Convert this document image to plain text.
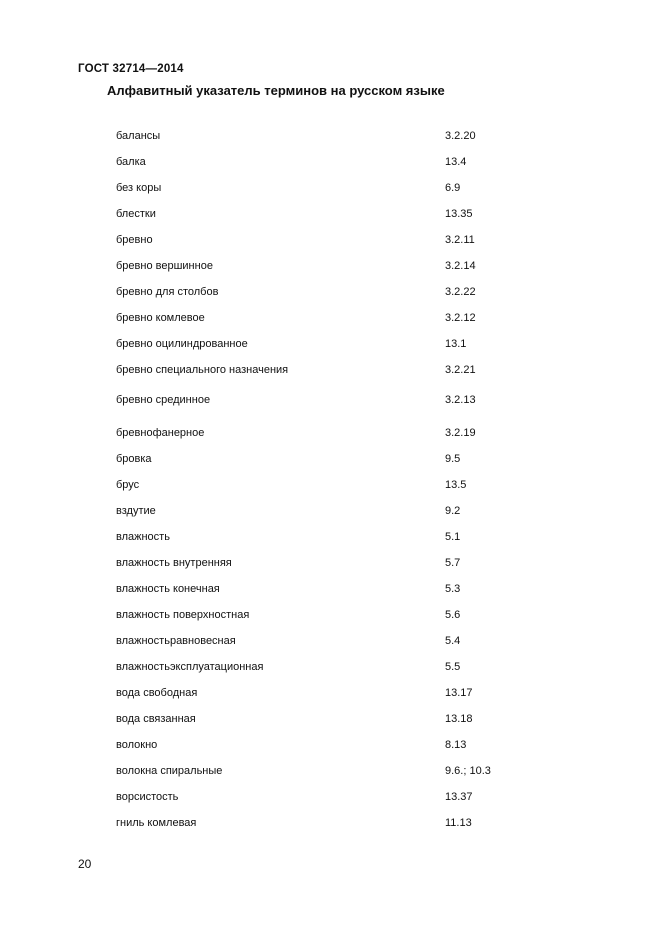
ГОСТ 32714—2014
Алфавитный указатель терминов на русском языке
балансы	3.2.20
балка	13.4
без коры	6.9
блестки	13.35
бревно	3.2.11
бревно вершинное	3.2.14
бревно для столбов	3.2.22
бревно комлевое	3.2.12
бревно оцилиндрованное	13.1
бревно специального назначения	3.2.21
бревно срединное	3.2.13
бревнофанерное	3.2.19
бровка	9.5
брус	13.5
вздутие	9.2
влажность	5.1
влажность внутренняя	5.7
влажность конечная	5.3
влажность поверхностная	5.6
влажностьравновесная	5.4
влажностьэксплуатационная	5.5
вода свободная	13.17
вода связанная	13.18
волокно	8.13
волокна спиральные	9.6.; 10.3
ворсистость	13.37
гниль комлевая	11.13
20
